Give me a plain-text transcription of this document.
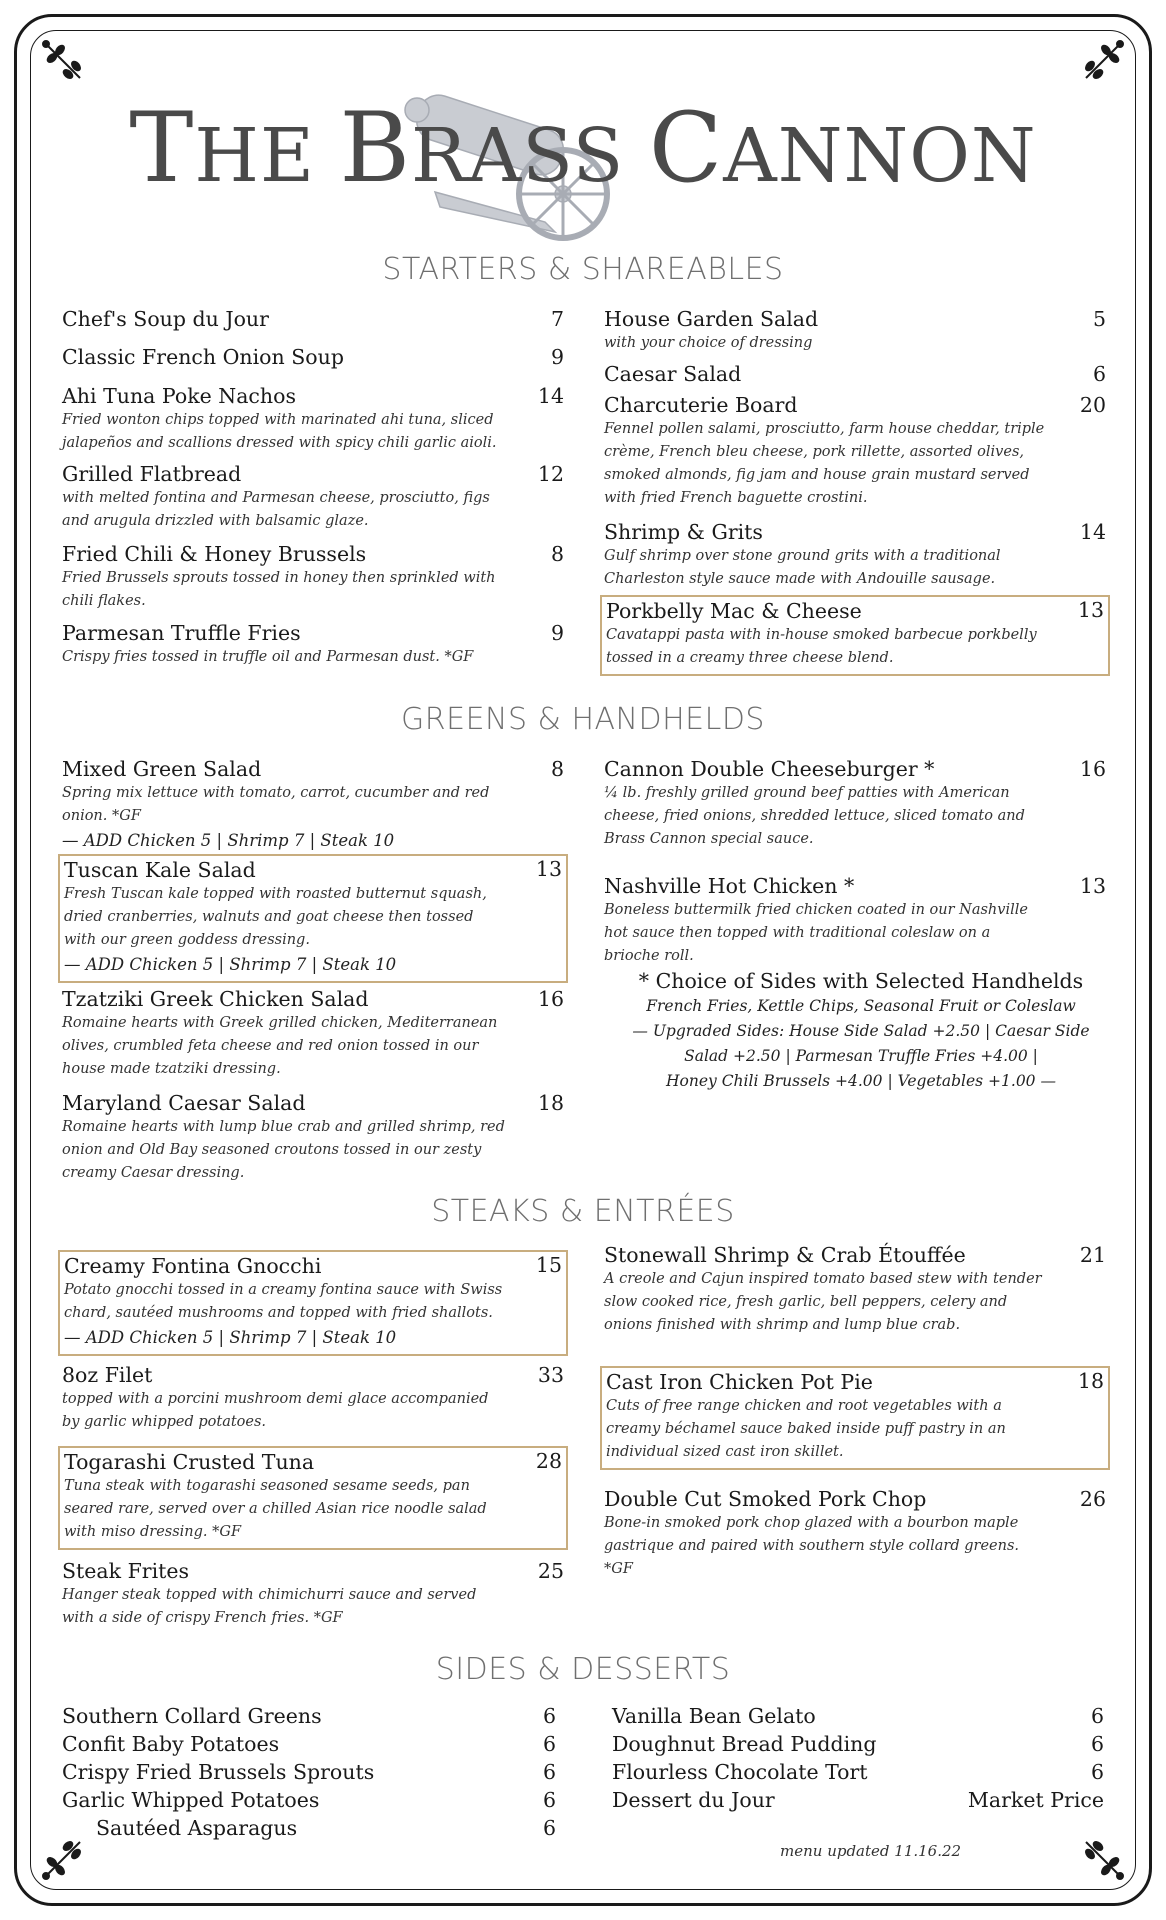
THE BRASS CANNON
STARTERS & SHAREABLES
Chef's Soup du Jour	7
Classic French Onion Soup	9
Ahi Tuna Poke Nachos	14
Fried wonton chips topped with marinated ahi tuna, sliced jalapeños and scallions dressed with spicy chili garlic aioli.
Grilled Flatbread	12
with melted fontina and Parmesan cheese, prosciutto, figs and arugula drizzled with balsamic glaze.
Fried Chili & Honey Brussels	8
Fried Brussels sprouts tossed in honey then sprinkled with chili flakes.
Parmesan Truffle Fries	9
Crispy fries tossed in truffle oil and Parmesan dust. *GF
House Garden Salad	5
with your choice of dressing
Caesar Salad	6
Charcuterie Board	20
Fennel pollen salami, prosciutto, farm house cheddar, triple crème, French bleu cheese, pork rillette, assorted olives, smoked almonds, fig jam and house grain mustard served with fried French baguette crostini.
Shrimp & Grits	14
Gulf shrimp over stone ground grits with a traditional Charleston style sauce made with Andouille sausage.
Porkbelly Mac & Cheese	13
Cavatappi pasta with in-house smoked barbecue porkbelly tossed in a creamy three cheese blend.
GREENS & HANDHELDS
Mixed Green Salad	8
Spring mix lettuce with tomato, carrot, cucumber and red onion. *GF
— ADD Chicken 5 | Shrimp 7 | Steak 10
Tuscan Kale Salad	13
Fresh Tuscan kale topped with roasted butternut squash, dried cranberries, walnuts and goat cheese then tossed with our green goddess dressing.
— ADD Chicken 5 | Shrimp 7 | Steak 10
Tzatziki Greek Chicken Salad	16
Romaine hearts with Greek grilled chicken, Mediterranean olives, crumbled feta cheese and red onion tossed in our house made tzatziki dressing.
Maryland Caesar Salad	18
Romaine hearts with lump blue crab and grilled shrimp, red onion and Old Bay seasoned croutons tossed in our zesty creamy Caesar dressing.
Cannon Double Cheeseburger *	16
¼ lb. freshly grilled ground beef patties with American cheese, fried onions, shredded lettuce, sliced tomato and Brass Cannon special sauce.
Nashville Hot Chicken *	13
Boneless buttermilk fried chicken coated in our Nashville hot sauce then topped with traditional coleslaw on a brioche roll.
* Choice of Sides with Selected Handhelds
French Fries, Kettle Chips, Seasonal Fruit or Coleslaw
— Upgraded Sides: House Side Salad +2.50 | Caesar Side
Salad +2.50 | Parmesan Truffle Fries +4.00 |
Honey Chili Brussels +4.00 | Vegetables +1.00 —
STEAKS & ENTRÉES
Creamy Fontina Gnocchi	15
Potato gnocchi tossed in a creamy fontina sauce with Swiss chard, sautéed mushrooms and topped with fried shallots.
— ADD Chicken 5 | Shrimp 7 | Steak 10
8oz Filet	33
topped with a porcini mushroom demi glace accompanied by garlic whipped potatoes.
Togarashi Crusted Tuna	28
Tuna steak with togarashi seasoned sesame seeds, pan seared rare, served over a chilled Asian rice noodle salad with miso dressing. *GF
Steak Frites	25
Hanger steak topped with chimichurri sauce and served with a side of crispy French fries. *GF
Stonewall Shrimp & Crab Étouffée	21
A creole and Cajun inspired tomato based stew with tender slow cooked rice, fresh garlic, bell peppers, celery and onions finished with shrimp and lump blue crab.
Cast Iron Chicken Pot Pie	18
Cuts of free range chicken and root vegetables with a creamy béchamel sauce baked inside puff pastry in an individual sized cast iron skillet.
Double Cut Smoked Pork Chop	26
Bone-in smoked pork chop glazed with a bourbon maple gastrique and paired with southern style collard greens. *GF
SIDES & DESSERTS
Southern Collard Greens	6
Confit Baby Potatoes	6
Crispy Fried Brussels Sprouts	6
Garlic Whipped Potatoes	6
Sautéed Asparagus	6
Vanilla Bean Gelato	6
Doughnut Bread Pudding	6
Flourless Chocolate Tort	6
Dessert du Jour	Market Price
menu updated 11.16.22
